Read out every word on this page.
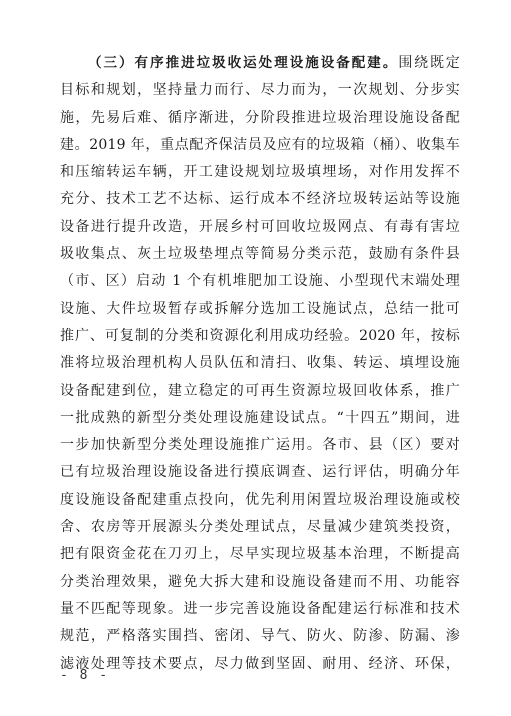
（三）有序推进垃圾收运处理设施设备配建。围绕既定
目标和规划，坚持量力而行、尽力而为，一次规划、分步实
施，先易后难、循序渐进，分阶段推进垃圾治理设施设备配
建。2019 年，重点配齐保洁员及应有的垃圾箱（桶）、收集车
和压缩转运车辆，开工建设规划垃圾填埋场，对作用发挥不
充分、技术工艺不达标、运行成本不经济垃圾转运站等设施
设备进行提升改造，开展乡村可回收垃圾网点、有毒有害垃
圾收集点、灰土垃圾垫埋点等简易分类示范，鼓励有条件县
（市、区）启动 1 个有机堆肥加工设施、小型现代末端处理
设施、大件垃圾暂存或拆解分选加工设施试点，总结一批可
推广、可复制的分类和资源化利用成功经验。2020 年，按标
准将垃圾治理机构人员队伍和清扫、收集、转运、填埋设施
设备配建到位，建立稳定的可再生资源垃圾回收体系，推广
一批成熟的新型分类处理设施建设试点。“十四五”期间，进
一步加快新型分类处理设施推广运用。各市、县（区）要对
已有垃圾治理设施设备进行摸底调查、运行评估，明确分年
度设施设备配建重点投向，优先利用闲置垃圾治理设施或校
舍、农房等开展源头分类处理试点，尽量减少建筑类投资，
把有限资金花在刀刃上，尽早实现垃圾基本治理，不断提高
分类治理效果，避免大拆大建和设施设备建而不用、功能容
量不匹配等现象。进一步完善设施设备配建运行标准和技术
规范，严格落实围挡、密闭、导气、防火、防渗、防漏、渗
滤液处理等技术要点，尽力做到坚固、耐用、经济、环保，
- 8 -
